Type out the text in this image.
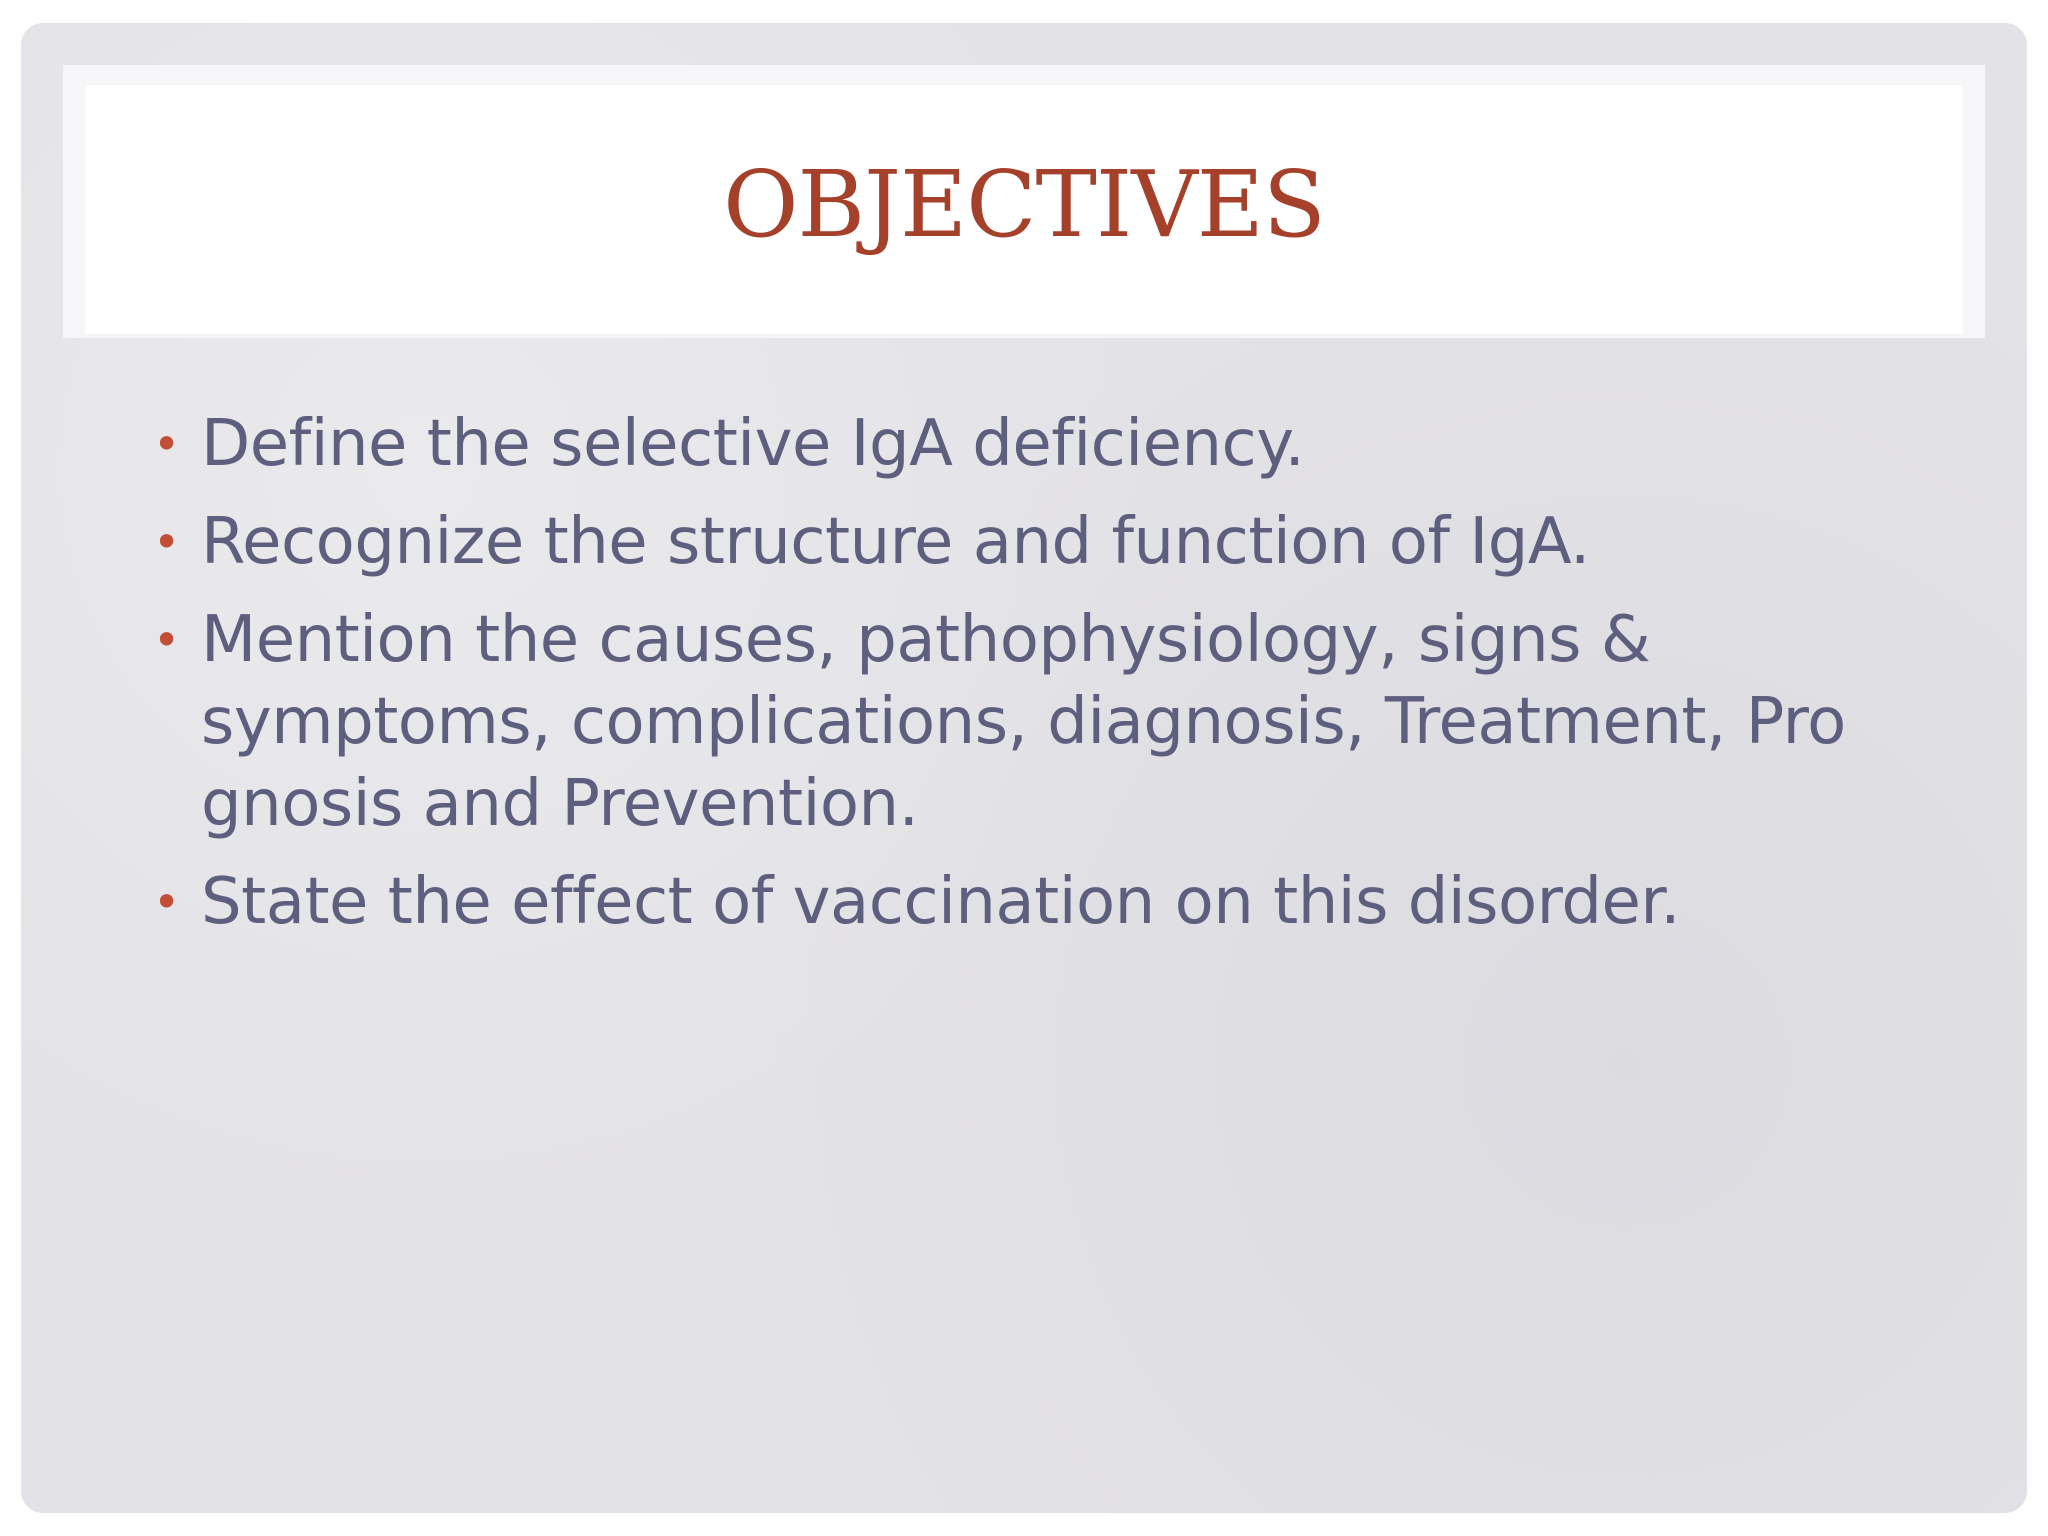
OBJECTIVES
• Define the selective IgA deficiency.
• Recognize the structure and function of IgA.
• Mention the causes, pathophysiology, signs & symptoms, complications, diagnosis, Treatment, Pro gnosis and Prevention.
• State the effect of vaccination on this disorder.
